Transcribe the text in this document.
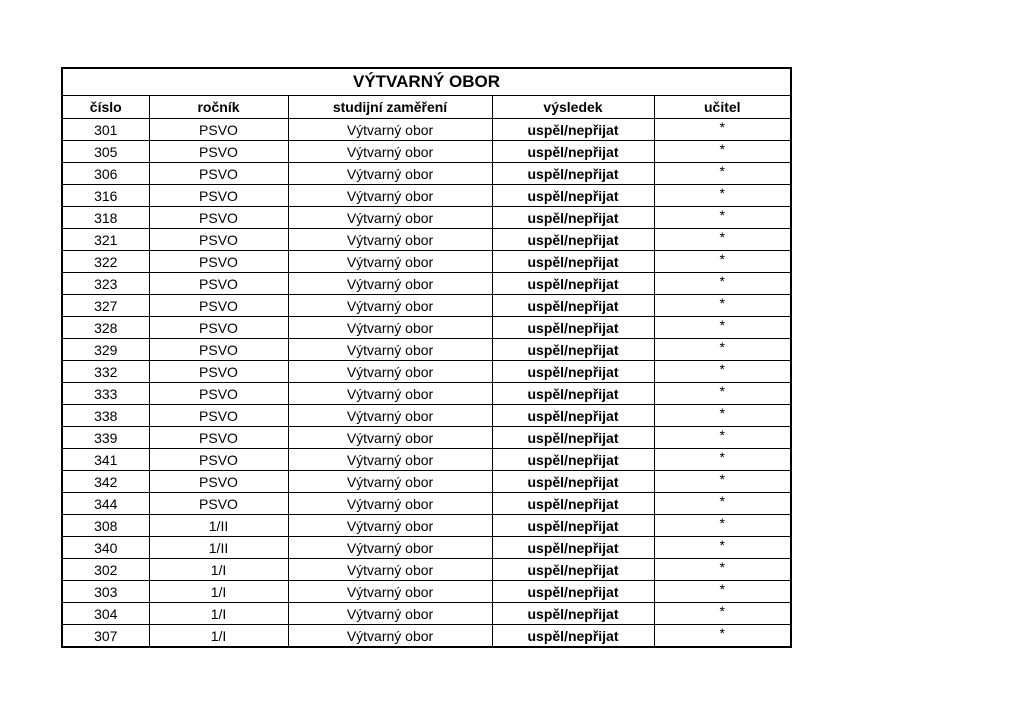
VÝTVARNÝ OBOR				
číslo	ročník	studijní zaměření	výsledek	učitel
301	PSVO	Výtvarný obor	uspěl/nepřijat	*
305	PSVO	Výtvarný obor	uspěl/nepřijat	*
306	PSVO	Výtvarný obor	uspěl/nepřijat	*
316	PSVO	Výtvarný obor	uspěl/nepřijat	*
318	PSVO	Výtvarný obor	uspěl/nepřijat	*
321	PSVO	Výtvarný obor	uspěl/nepřijat	*
322	PSVO	Výtvarný obor	uspěl/nepřijat	*
323	PSVO	Výtvarný obor	uspěl/nepřijat	*
327	PSVO	Výtvarný obor	uspěl/nepřijat	*
328	PSVO	Výtvarný obor	uspěl/nepřijat	*
329	PSVO	Výtvarný obor	uspěl/nepřijat	*
332	PSVO	Výtvarný obor	uspěl/nepřijat	*
333	PSVO	Výtvarný obor	uspěl/nepřijat	*
338	PSVO	Výtvarný obor	uspěl/nepřijat	*
339	PSVO	Výtvarný obor	uspěl/nepřijat	*
341	PSVO	Výtvarný obor	uspěl/nepřijat	*
342	PSVO	Výtvarný obor	uspěl/nepřijat	*
344	PSVO	Výtvarný obor	uspěl/nepřijat	*
308	1/II	Výtvarný obor	uspěl/nepřijat	*
340	1/II	Výtvarný obor	uspěl/nepřijat	*
302	1/I	Výtvarný obor	uspěl/nepřijat	*
303	1/I	Výtvarný obor	uspěl/nepřijat	*
304	1/I	Výtvarný obor	uspěl/nepřijat	*
307	1/I	Výtvarný obor	uspěl/nepřijat	*
